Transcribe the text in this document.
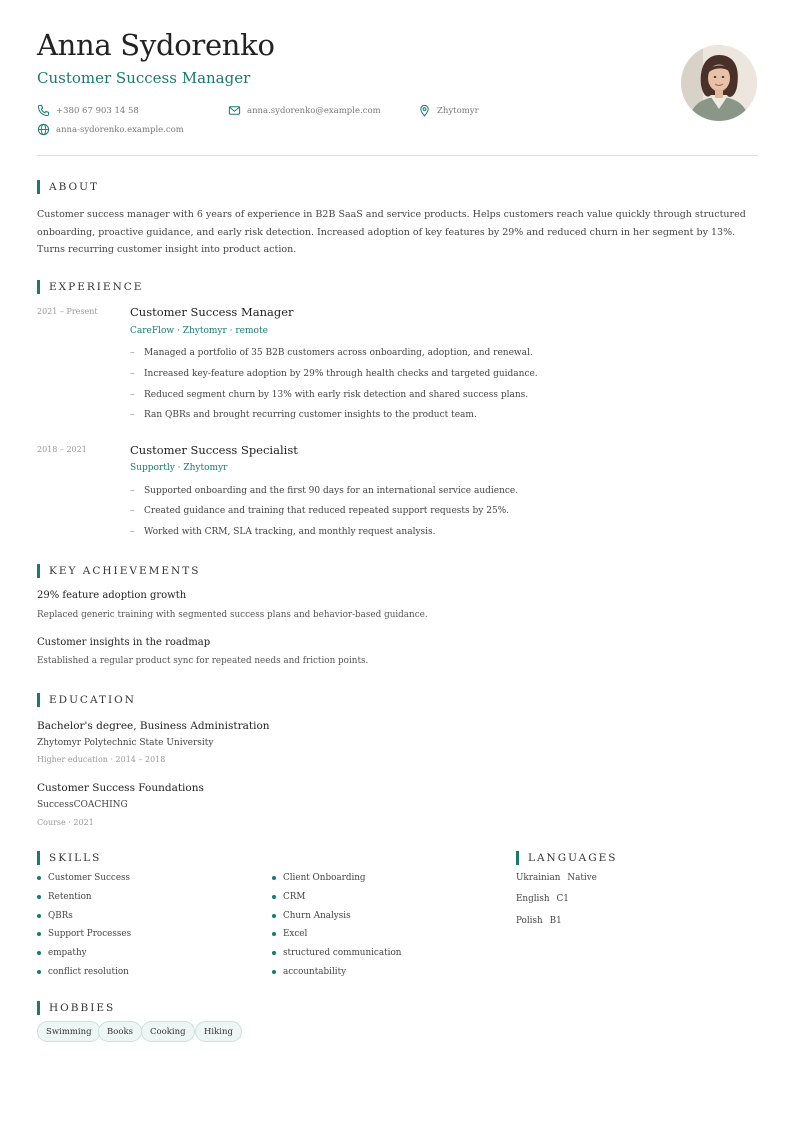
Anna Sydorenko
Customer Success Manager
+380 67 903 14 58	anna.sydorenko@example.com	Zhytomyr
anna-sydorenko.example.com
ABOUT
Customer success manager with 6 years of experience in B2B SaaS and service products. Helps customers reach value quickly through structured onboarding, proactive guidance, and early risk detection. Increased adoption of key features by 29% and reduced churn in her segment by 13%. Turns recurring customer insight into product action.
EXPERIENCE
2021 – Present	Customer Success Manager
CareFlow · Zhytomyr · remote
– Managed a portfolio of 35 B2B customers across onboarding, adoption, and renewal.
– Increased key-feature adoption by 29% through health checks and targeted guidance.
– Reduced segment churn by 13% with early risk detection and shared success plans.
– Ran QBRs and brought recurring customer insights to the product team.
2018 – 2021	Customer Success Specialist
Supportly · Zhytomyr
– Supported onboarding and the first 90 days for an international service audience.
– Created guidance and training that reduced repeated support requests by 25%.
– Worked with CRM, SLA tracking, and monthly request analysis.
KEY ACHIEVEMENTS
29% feature adoption growth
Replaced generic training with segmented success plans and behavior-based guidance.
Customer insights in the roadmap
Established a regular product sync for repeated needs and friction points.
EDUCATION
Bachelor's degree, Business Administration
Zhytomyr Polytechnic State University
Higher education · 2014 – 2018
Customer Success Foundations
SuccessCOACHING
Course · 2021
SKILLS
Customer Success	Client Onboarding
Retention	CRM
QBRs	Churn Analysis
Support Processes	Excel
empathy	structured communication
conflict resolution	accountability
LANGUAGES
Ukrainian Native
English C1
Polish B1
HOBBIES
Swimming	Books	Cooking	Hiking
